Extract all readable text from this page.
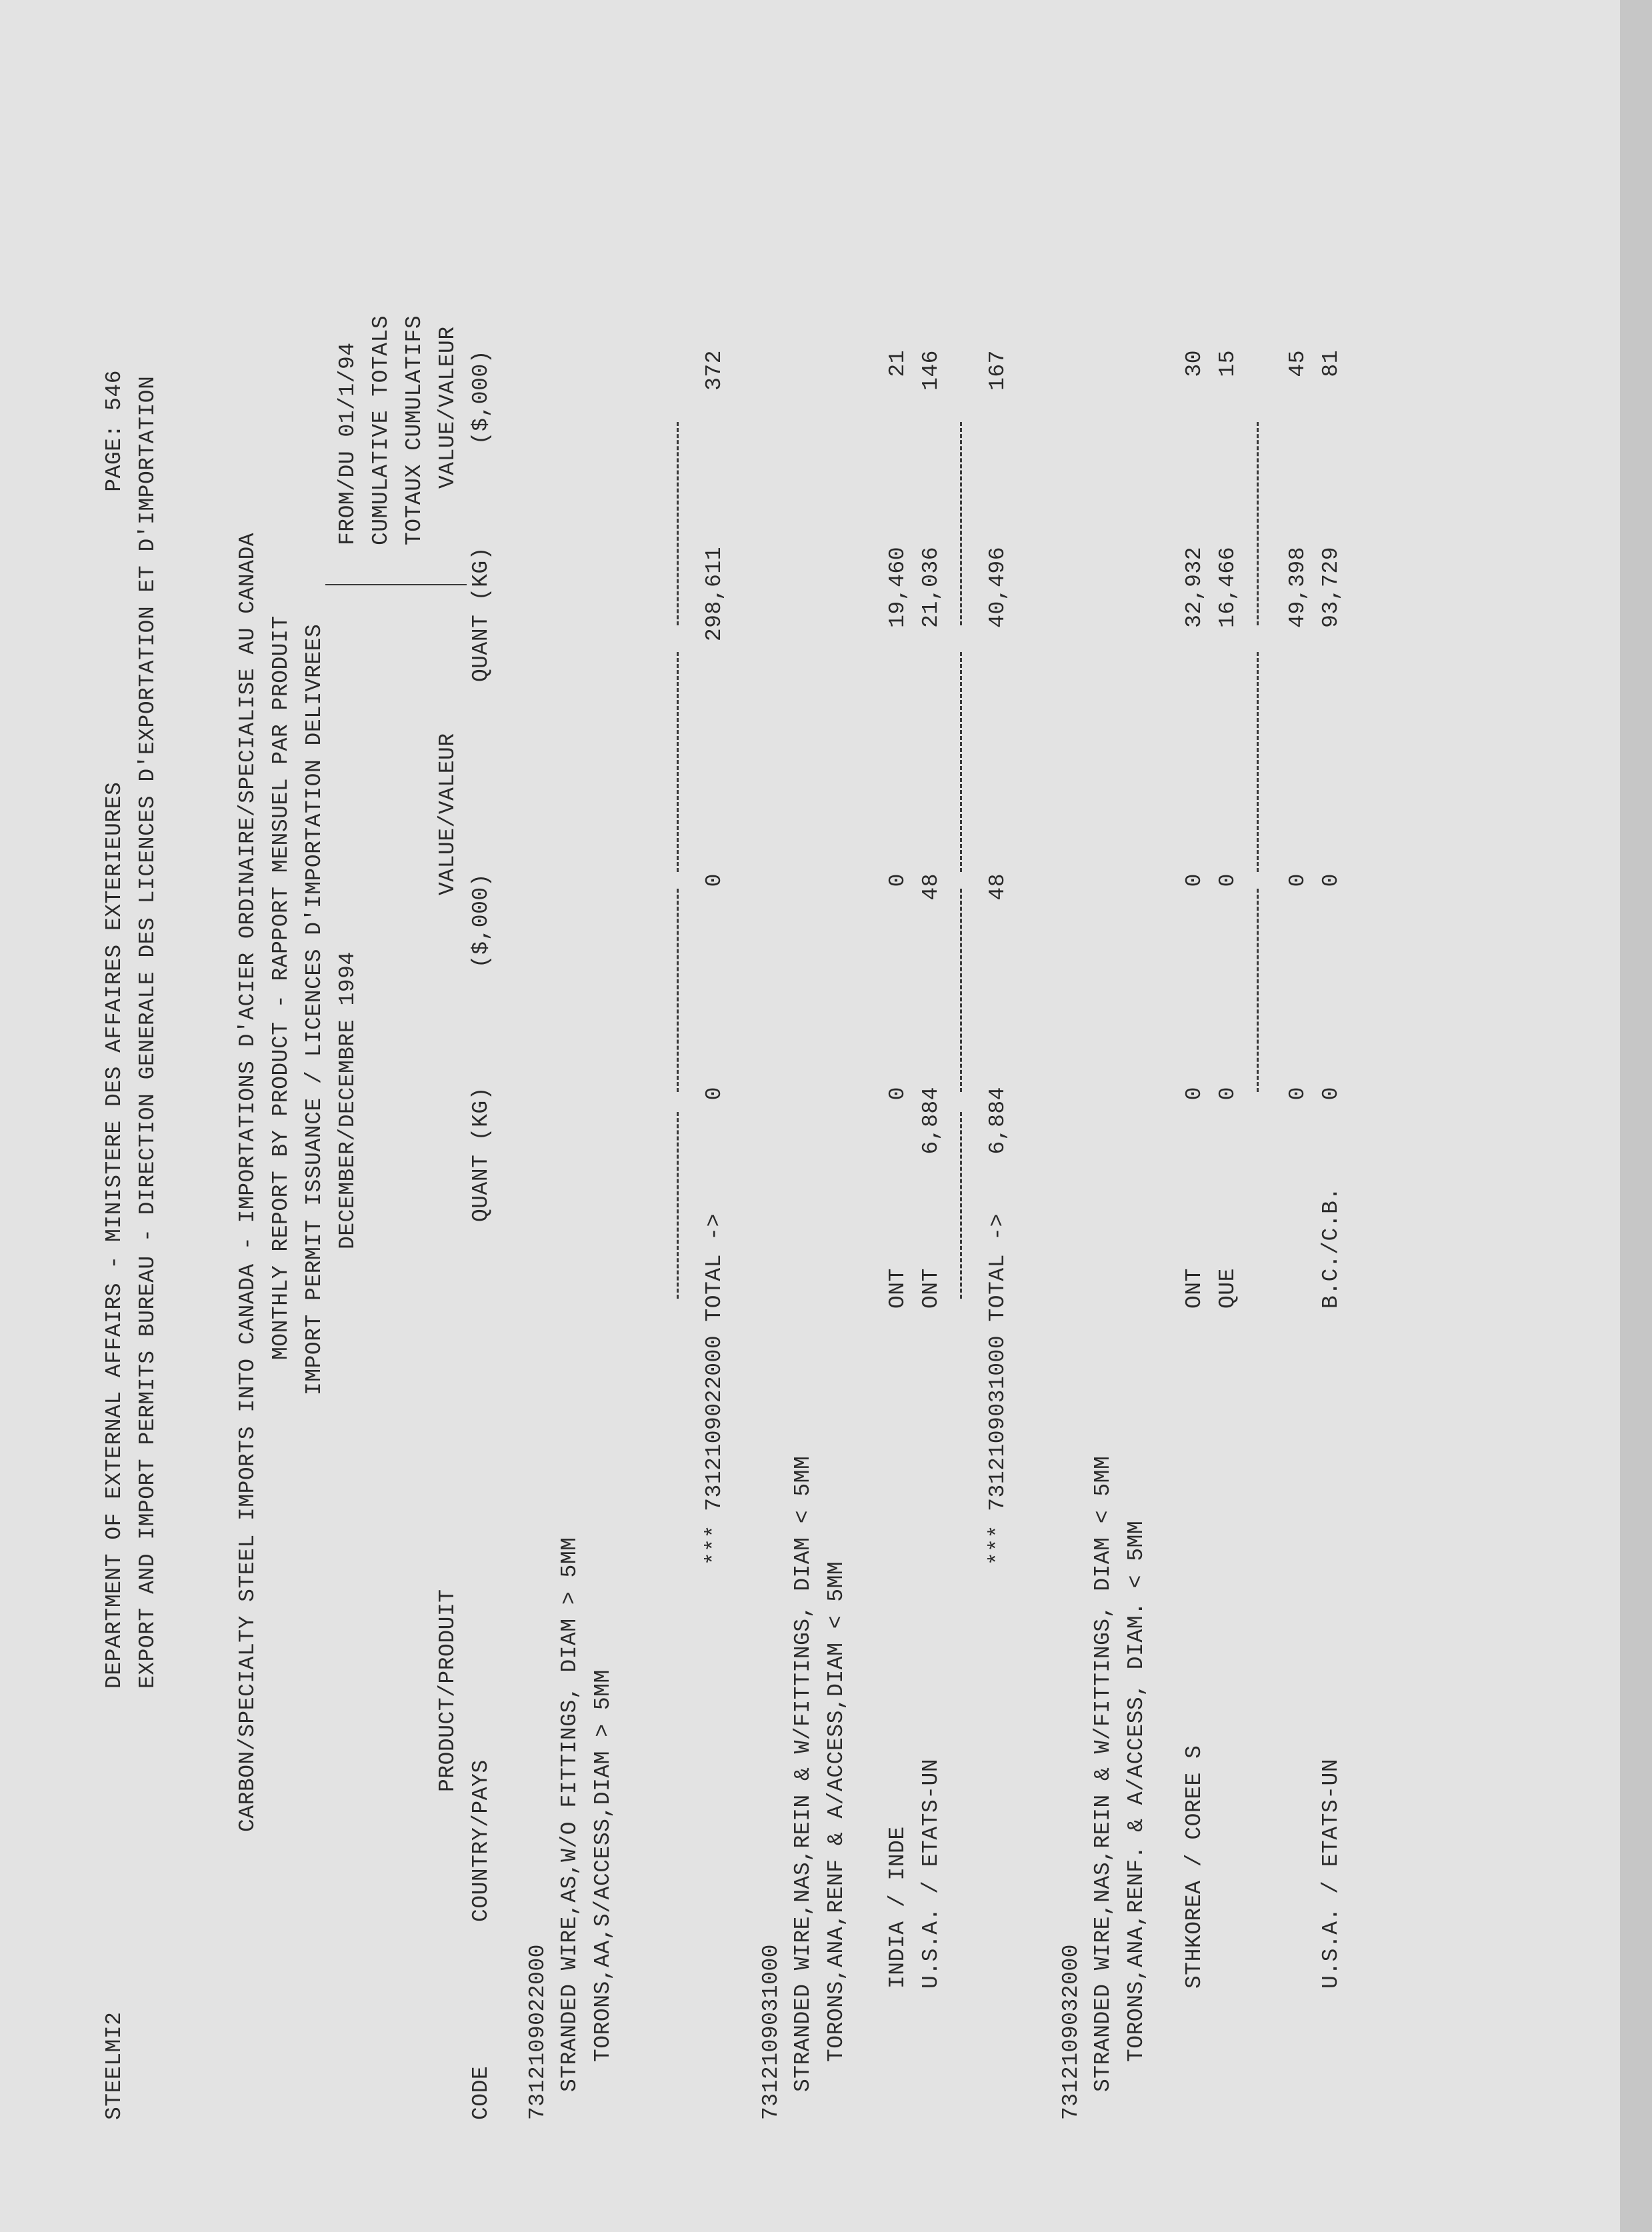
STEELMI2
DEPARTMENT OF EXTERNAL AFFAIRS - MINISTERE DES AFFAIRES EXTERIEURES
PAGE: 546 EXPORT AND IMPORT PERMITS BUREAU - DIRECTION GENERALE DES LICENCES D'EXPORTATION ET D'IMPORTATION	CARBON/SPECIALTY STEEL IMPORTS INTO CANADA - IMPORTATIONS D'ACIER ORDINAIRE/SPECIALISE AU CANADA MONTHLY REPORT BY PRODUCT - RAPPORT MENSUEL PAR PRODUIT IMPORT PERMIT ISSUANCE / LICENCES D'IMPORTATION DELIVREES DECEMBER/DECEMBRE 1994
FROM/DU 01/1/94 CUMULATIVE TOTALS TOTAUX CUMULATIFS
VALUE/VALEUR
VALUE/VALEUR
PRODUCT/PRODUIT
CODE
COUNTRY/PAYS
QUANT (KG)
($,000)
QUANT (KG)
($,000)
7312109022000 STRANDED WIRE,AS,W/O FITTINGS, DIAM > 5MM TORONS,AA,S/ACCESS,DIAM > 5MM
*** 7312109022000 TOTAL ->
0
0
298,611
372
7312109031000 STRANDED WIRE,NAS,REIN & W/FITTINGS, DIAM < 5MM TORONS,ANA,RENF & A/ACCESS,DIAM < 5MM INDIA / INDE
ONT
0
0
19,460
21
U.S.A. / ETATS-UN
ONT
6,884
48
21,036
146
*** 7312109031000 TOTAL ->
6,884
48
40,496
167
7312109032000 STRANDED WIRE,NAS,REIN & W/FITTINGS, DIAM < 5MM TORONS,ANA,RENF. & A/ACCESS, DIAM. < 5MM STHKOREA / COREE S
ONT
0
0
32,932
30
QUE
0
0
16,466
15
0
0
49,398
45
U.S.A. / ETATS-UN
B.C./C.B.
0
0
93,729
81
